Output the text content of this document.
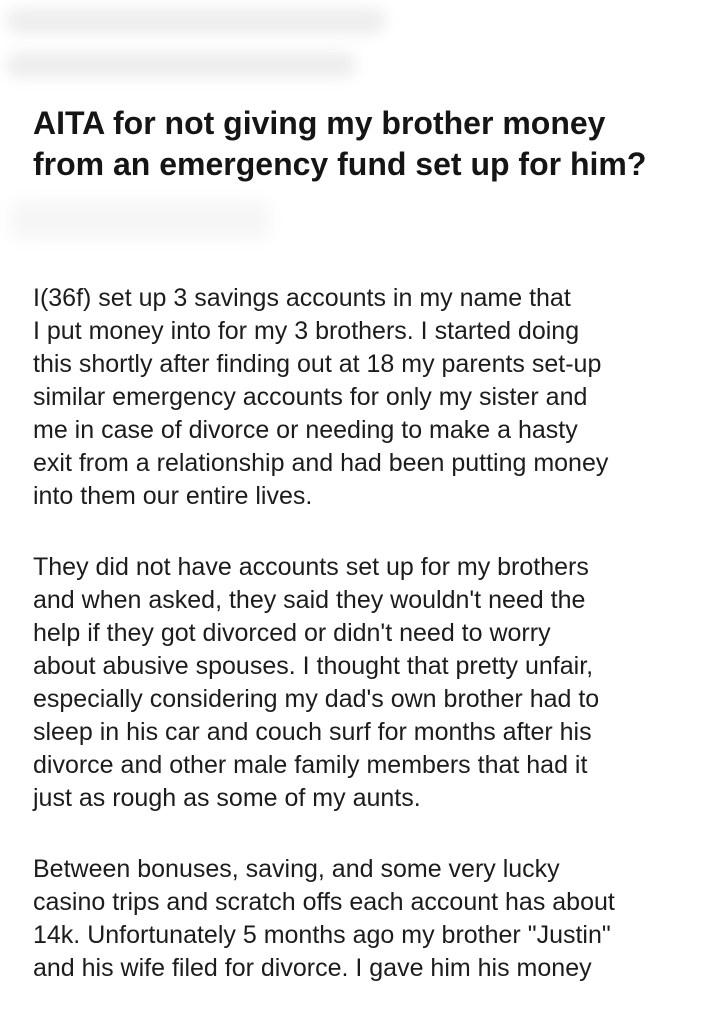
AITA for not giving my brother money
from an emergency fund set up for him?

I(36f) set up 3 savings accounts in my name that
I put money into for my 3 brothers. I started doing
this shortly after finding out at 18 my parents set-up
similar emergency accounts for only my sister and
me in case of divorce or needing to make a hasty
exit from a relationship and had been putting money
into them our entire lives.

They did not have accounts set up for my brothers
and when asked, they said they wouldn't need the
help if they got divorced or didn't need to worry
about abusive spouses. I thought that pretty unfair,
especially considering my dad's own brother had to
sleep in his car and couch surf for months after his
divorce and other male family members that had it
just as rough as some of my aunts.

Between bonuses, saving, and some very lucky
casino trips and scratch offs each account has about
14k. Unfortunately 5 months ago my brother "Justin"
and his wife filed for divorce. I gave him his money
